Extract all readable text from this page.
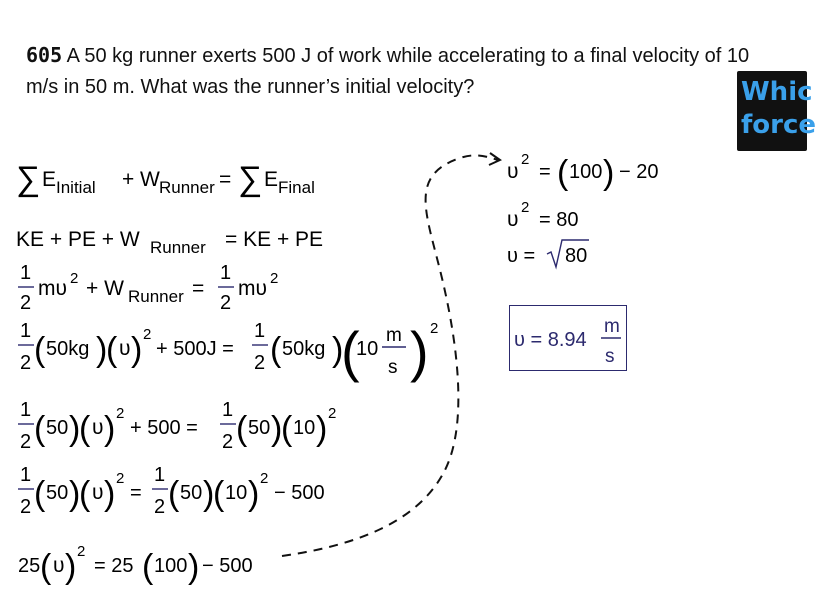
605 A 50 kg runner exerts 500 J of work while accelerating to a final velocity of 10 m/s in 50 m. What was the runner’s initial velocity?	Whic
force
∑ E Initial + W Runner = ∑ E Final
KE + PE + W Runner = KE + PE
1
2
mυ 2 + W Runner =
1
2
mυ 2
1
2 ( 50kg )
( υ ) 2
+ 500J =
1
2 ( 50kg )
(
10
m
s ) 2
1
2 ( 50 )
( υ ) 2
+ 500 =
1
2 ( 50 )
( 10 ) 2
1
2 ( 50 )
( υ ) 2
=
1
2 ( 50 )
( 10 ) 2
− 500
25 ( υ ) 2
= 25 ( 100 ) − 500
υ
2
= ( 100 ) − 20
υ
2
= 80
υ = 80
υ = 8.94
m
s
